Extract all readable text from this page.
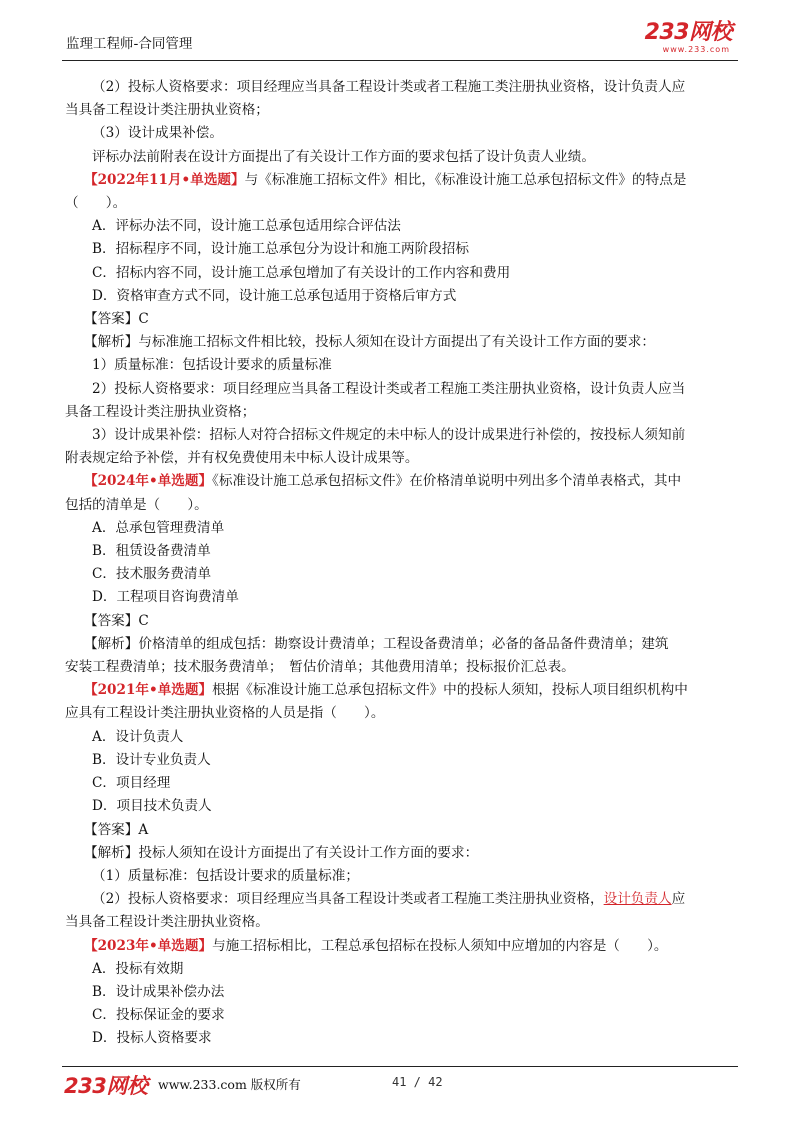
监理工程师-合同管理	233网校
www.233.com
（2）投标人资格要求：项目经理应当具备工程设计类或者工程施工类注册执业资格，设计负责人应
当具备工程设计类注册执业资格；
（3）设计成果补偿。
评标办法前附表在设计方面提出了有关设计工作方面的要求包括了设计负责人业绩。
【2022年11月•单选题】与《标准施工招标文件》相比，《标准设计施工总承包招标文件》的特点是
（　　）。
A．评标办法不同，设计施工总承包适用综合评估法
B．招标程序不同，设计施工总承包分为设计和施工两阶段招标
C．招标内容不同，设计施工总承包增加了有关设计的工作内容和费用
D．资格审查方式不同，设计施工总承包适用于资格后审方式
【答案】C
【解析】与标准施工招标文件相比较，投标人须知在设计方面提出了有关设计工作方面的要求：
1）质量标准：包括设计要求的质量标准
2）投标人资格要求：项目经理应当具备工程设计类或者工程施工类注册执业资格，设计负责人应当
具备工程设计类注册执业资格；
3）设计成果补偿：招标人对符合招标文件规定的未中标人的设计成果进行补偿的，按投标人须知前
附表规定给予补偿，并有权免费使用未中标人设计成果等。
【2024年•单选题】《标准设计施工总承包招标文件》在价格清单说明中列出多个清单表格式，其中
包括的清单是（　　）。
A．总承包管理费清单
B．租赁设备费清单
C．技术服务费清单
D．工程项目咨询费清单
【答案】C
【解析】价格清单的组成包括：勘察设计费清单；工程设备费清单；必备的备品备件费清单；建筑
安装工程费清单；技术服务费清单；　暂估价清单；其他费用清单；投标报价汇总表。
【2021年•单选题】根据《标准设计施工总承包招标文件》中的投标人须知，投标人项目组织机构中
应具有工程设计类注册执业资格的人员是指（　　）。
A．设计负责人
B．设计专业负责人
C．项目经理
D．项目技术负责人
【答案】A
【解析】投标人须知在设计方面提出了有关设计工作方面的要求：
（1）质量标准：包括设计要求的质量标准；
（2）投标人资格要求：项目经理应当具备工程设计类或者工程施工类注册执业资格，设计负责人应
当具备工程设计类注册执业资格。
【2023年•单选题】与施工招标相比，工程总承包招标在投标人须知中应增加的内容是（　　）。
A．投标有效期
B．设计成果补偿办法
C．投标保证金的要求
D．投标人资格要求
233网校 www.233.com 版权所有	41 / 42
